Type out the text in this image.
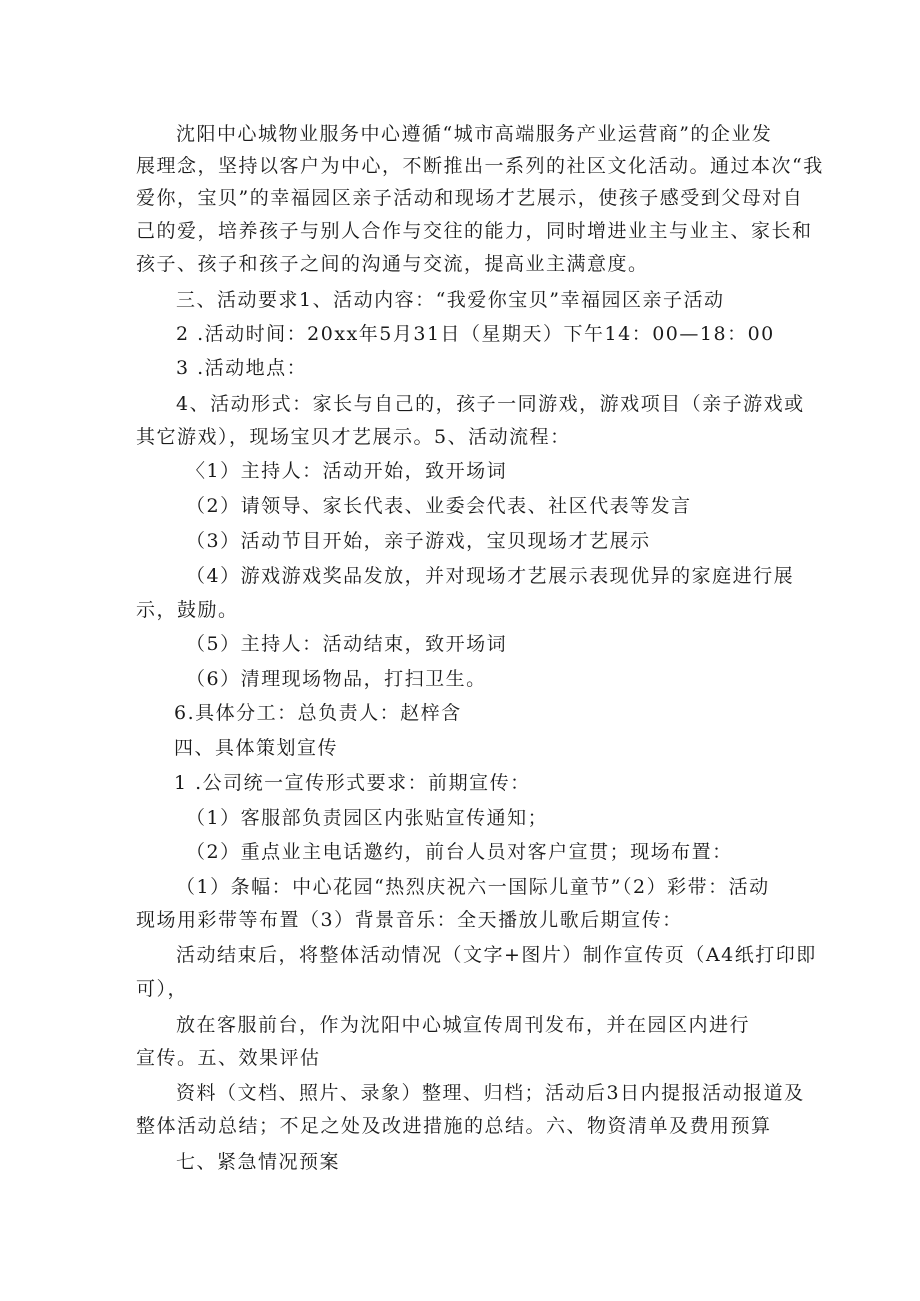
沈阳中心城物业服务中心遵循“城市高端服务产业运营商”的企业发
展理念，坚持以客户为中心，不断推出一系列的社区文化活动。通过本次“我
爱你，宝贝”的幸福园区亲子活动和现场才艺展示，使孩子感受到父母对自
己的爱，培养孩子与别人合作与交往的能力，同时增进业主与业主、家长和
孩子、孩子和孩子之间的沟通与交流，提高业主满意度。
三、活动要求1、活动内容：“我爱你宝贝”幸福园区亲子活动
2 .活动时间：20xx年5月31日（星期天）下午14：00—18：00
3 .活动地点：
4、活动形式：家长与自己的，孩子一同游戏，游戏项目（亲子游戏或
其它游戏），现场宝贝才艺展示。5、活动流程：
〈1）主持人：活动开始，致开场词
（2）请领导、家长代表、业委会代表、社区代表等发言
（3）活动节目开始，亲子游戏，宝贝现场才艺展示
（4）游戏游戏奖品发放，并对现场才艺展示表现优异的家庭进行展
示，鼓励。
（5）主持人：活动结束，致开场词
（6）清理现场物品，打扫卫生。
6.具体分工：总负责人：赵梓含
四、具体策划宣传
1 .公司统一宣传形式要求：前期宣传：
（1）客服部负责园区内张贴宣传通知；
（2）重点业主电话邀约，前台人员对客户宣贯；现场布置：
（1）条幅：中心花园“热烈庆祝六一国际儿童节”（2）彩带：活动
现场用彩带等布置（3）背景音乐：全天播放儿歌后期宣传：
活动结束后，将整体活动情况（文字+图片）制作宣传页（A4纸打印即
可），
放在客服前台，作为沈阳中心城宣传周刊发布，并在园区内进行
宣传。五、效果评估
资料（文档、照片、录象）整理、归档；活动后3日内提报活动报道及
整体活动总结；不足之处及改进措施的总结。六、物资清单及费用预算
七、紧急情况预案
